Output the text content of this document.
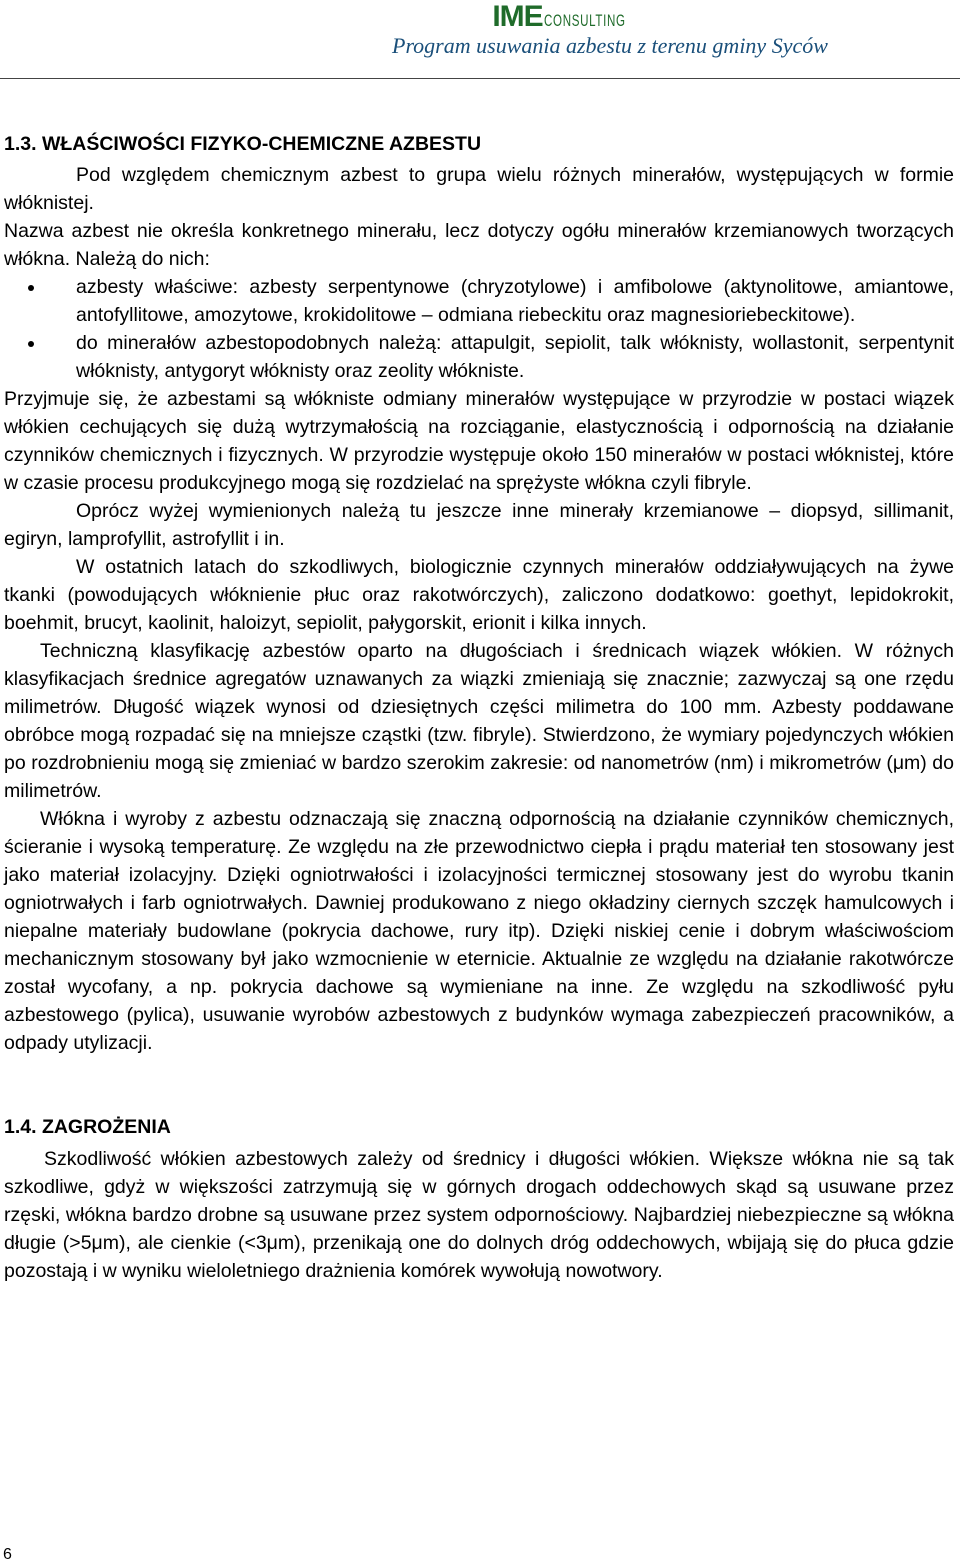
IME CONSULTING
Program usuwania azbestu z terenu gminy Syców
1.3. WŁAŚCIWOŚCI FIZYKO-CHEMICZNE AZBESTU

Pod względem chemicznym azbest to grupa wielu różnych minerałów, występujących w formie włóknistej.

Nazwa azbest nie określa konkretnego minerału, lecz dotyczy ogółu minerałów krzemianowych tworzących włókna. Należą do nich:

azbesty właściwe: azbesty serpentynowe (chryzotylowe) i amfibolowe (aktynolitowe, amiantowe, antofyllitowe, amozytowe, krokidolitowe – odmiana riebeckitu oraz magnesioriebeckitowe).
do minerałów azbestopodobnych należą: attapulgit, sepiolit, talk włóknisty, wollastonit, serpentynit włóknisty, antygoryt włóknisty oraz zeolity włókniste.

Przyjmuje się, że azbestami są włókniste odmiany minerałów występujące w przyrodzie w postaci wiązek włókien cechujących się dużą wytrzymałością na rozciąganie, elastycznością i odpornością na działanie czynników chemicznych i fizycznych. W przyrodzie występuje około 150 minerałów w postaci włóknistej, które w czasie procesu produkcyjnego mogą się rozdzielać na sprężyste włókna czyli fibryle.

Oprócz wyżej wymienionych należą tu jeszcze inne minerały krzemianowe – diopsyd, sillimanit, egiryn, lamprofyllit, astrofyllit i in.

W ostatnich latach do szkodliwych, biologicznie czynnych minerałów oddziaływujących na żywe tkanki (powodujących włóknienie płuc oraz rakotwórczych), zaliczono dodatkowo: goethyt, lepidokrokit, boehmit, brucyt, kaolinit, haloizyt, sepiolit, pałygorskit, erionit i kilka innych.

Techniczną klasyfikację azbestów oparto na długościach i średnicach wiązek włókien. W różnych klasyfikacjach średnice agregatów uznawanych za wiązki zmieniają się znacznie; zazwyczaj są one rzędu milimetrów. Długość wiązek wynosi od dziesiętnych części milimetra do 100 mm. Azbesty poddawane obróbce mogą rozpadać się na mniejsze cząstki (tzw. fibryle). Stwierdzono, że wymiary pojedynczych włókien po rozdrobnieniu mogą się zmieniać w bardzo szerokim zakresie: od nanometrów (nm) i mikrometrów (μm) do milimetrów.

Włókna i wyroby z azbestu odznaczają się znaczną odpornością na działanie czynników chemicznych, ścieranie i wysoką temperaturę. Ze względu na złe przewodnictwo ciepła i prądu materiał ten stosowany jest jako materiał izolacyjny. Dzięki ogniotrwałości i izolacyjności termicznej stosowany jest do wyrobu tkanin ogniotrwałych i farb ogniotrwałych. Dawniej produkowano z niego okładziny ciernych szczęk hamulcowych i niepalne materiały budowlane (pokrycia dachowe, rury itp). Dzięki niskiej cenie i dobrym właściwościom mechanicznym stosowany był jako wzmocnienie w eternicie. Aktualnie ze względu na działanie rakotwórcze został wycofany, a np. pokrycia dachowe są wymieniane na inne. Ze względu na szkodliwość pyłu azbestowego (pylica), usuwanie wyrobów azbestowych z budynków wymaga zabezpieczeń pracowników, a odpady utylizacji.

1.4. ZAGROŻENIA

Szkodliwość włókien azbestowych zależy od średnicy i długości włókien. Większe włókna nie są tak szkodliwe, gdyż w większości zatrzymują się w górnych drogach oddechowych skąd są usuwane przez rzęski, włókna bardzo drobne są usuwane przez system odpornościowy. Najbardziej niebezpieczne są włókna długie (>5μm), ale cienkie (<3μm), przenikają one do dolnych dróg oddechowych, wbijają się do płuca gdzie pozostają i w wyniku wieloletniego drażnienia komórek wywołują nowotwory.

6
